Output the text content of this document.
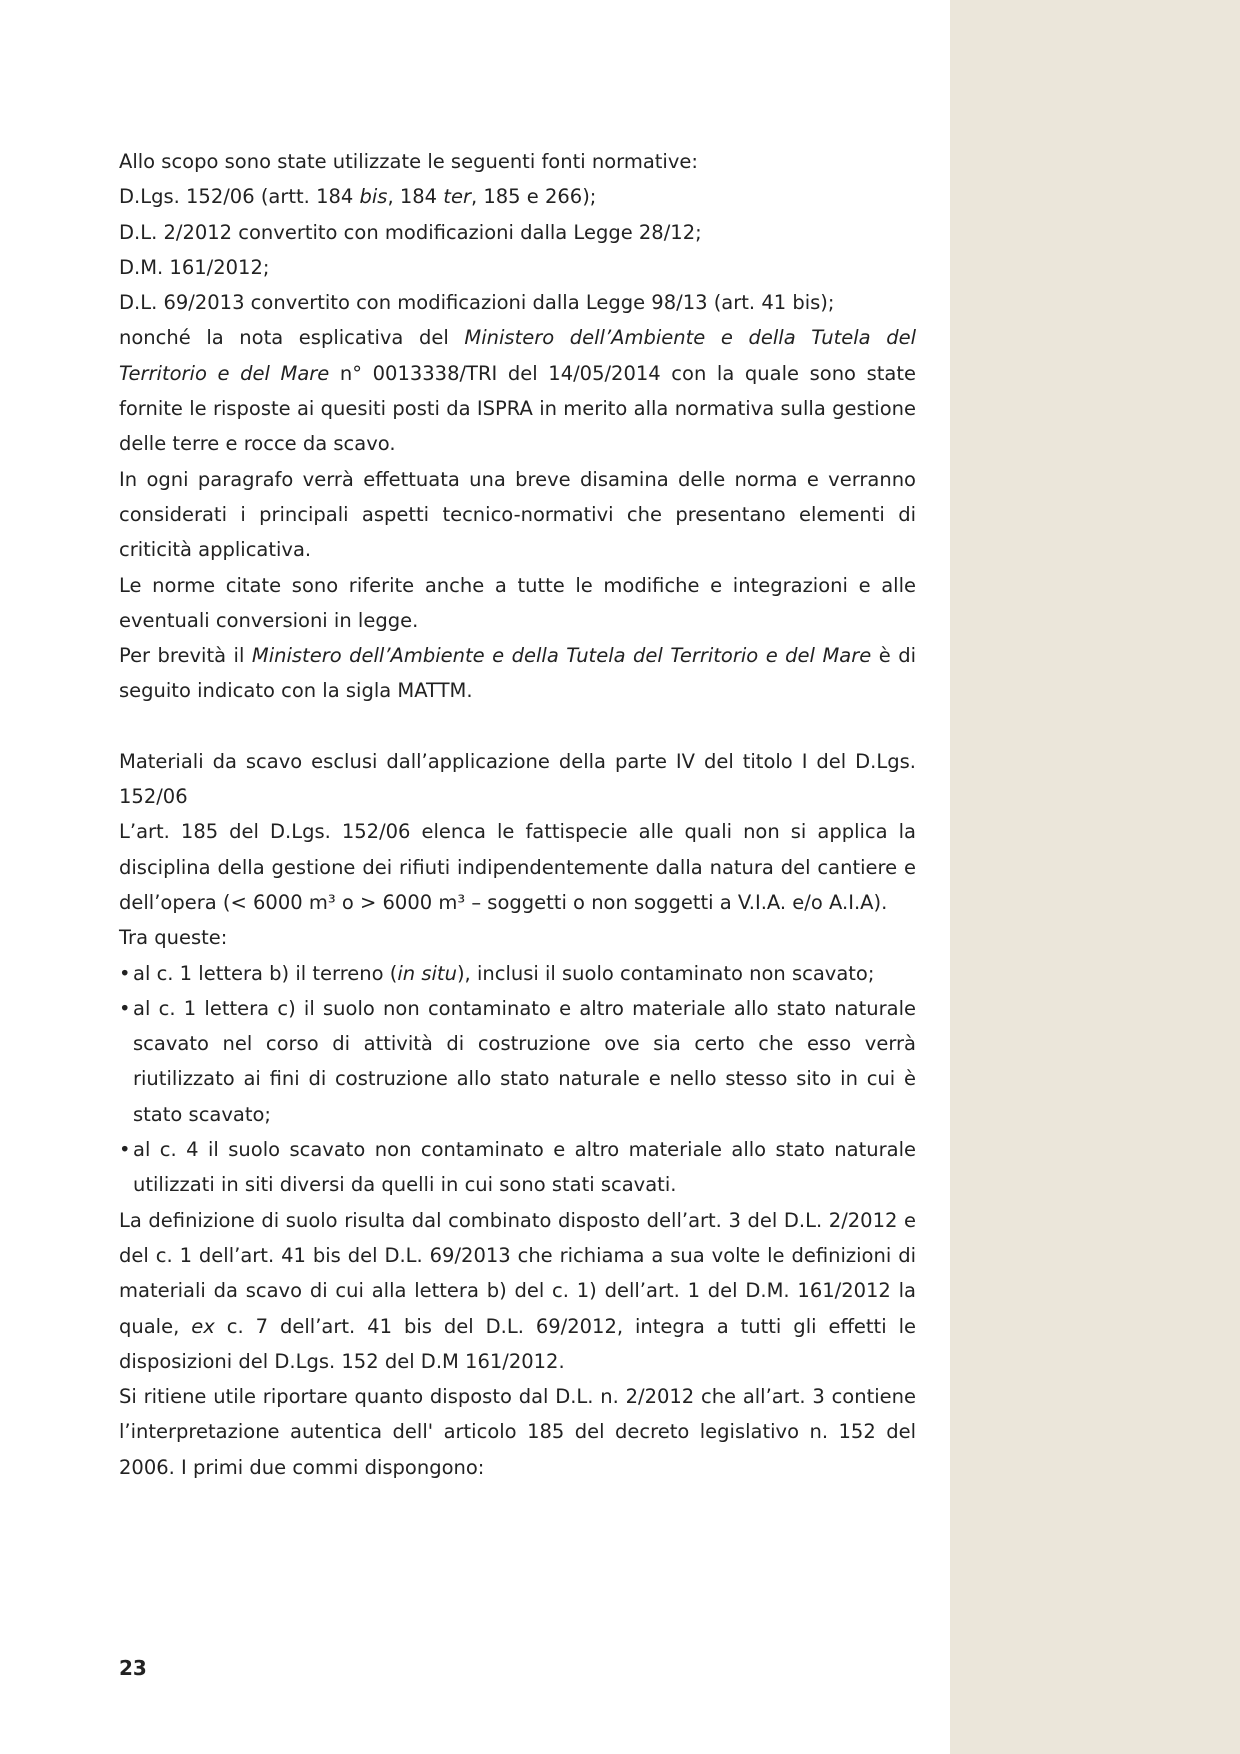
Allo scopo sono state utilizzate le seguenti fonti normative:

D.Lgs. 152/06 (artt. 184 bis, 184 ter, 185 e 266);

D.L. 2/2012 convertito con modificazioni dalla Legge 28/12;

D.M. 161/2012;

D.L. 69/2013 convertito con modificazioni dalla Legge 98/13 (art. 41 bis);

nonché la nota esplicativa del Ministero dell’Ambiente e della Tutela del Territorio e del Mare n° 0013338/TRI del 14/05/2014 con la quale sono state fornite le risposte ai quesiti posti da ISPRA in merito alla normativa sulla gestione delle terre e rocce da scavo.

In ogni paragrafo verrà effettuata una breve disamina delle norma e verranno considerati i principali aspetti tecnico-normativi che presentano elementi di criticità applicativa.

Le norme citate sono riferite anche a tutte le modifiche e integrazioni e alle eventuali conversioni in legge.

Per brevità il Ministero dell’Ambiente e della Tutela del Territorio e del Mare è di seguito indicato con la sigla MATTM.

Materiali da scavo esclusi dall’applicazione della parte IV del titolo I del D.Lgs. 152/06

L’art. 185 del D.Lgs. 152/06 elenca le fattispecie alle quali non si applica la disciplina della gestione dei rifiuti indipendentemente dalla natura del cantiere e dell’opera (< 6000 m³ o > 6000 m³ – soggetti o non soggetti a V.I.A. e/o A.I.A).

Tra queste:

• al c. 1 lettera b) il terreno (in situ), inclusi il suolo contaminato non scavato;
• al c. 1 lettera c) il suolo non contaminato e altro materiale allo stato naturale scavato nel corso di attività di costruzione ove sia certo che esso verrà riutilizzato ai fini di costruzione allo stato naturale e nello stesso sito in cui è stato scavato;
• al c. 4 il suolo scavato non contaminato e altro materiale allo stato naturale utilizzati in siti diversi da quelli in cui sono stati scavati.

La definizione di suolo risulta dal combinato disposto dell’art. 3 del D.L. 2/2012 e del c. 1 dell’art. 41 bis del D.L. 69/2013 che richiama a sua volte le definizioni di materiali da scavo di cui alla lettera b) del c. 1) dell’art. 1 del D.M. 161/2012 la quale, ex c. 7 dell’art. 41 bis del D.L. 69/2012, integra a tutti gli effetti le disposizioni del D.Lgs. 152 del D.M 161/2012.

Si ritiene utile riportare quanto disposto dal D.L. n. 2/2012 che all’art. 3 contiene l’interpretazione autentica dell' articolo 185 del decreto legislativo n. 152 del 2006. I primi due commi dispongono:

23
